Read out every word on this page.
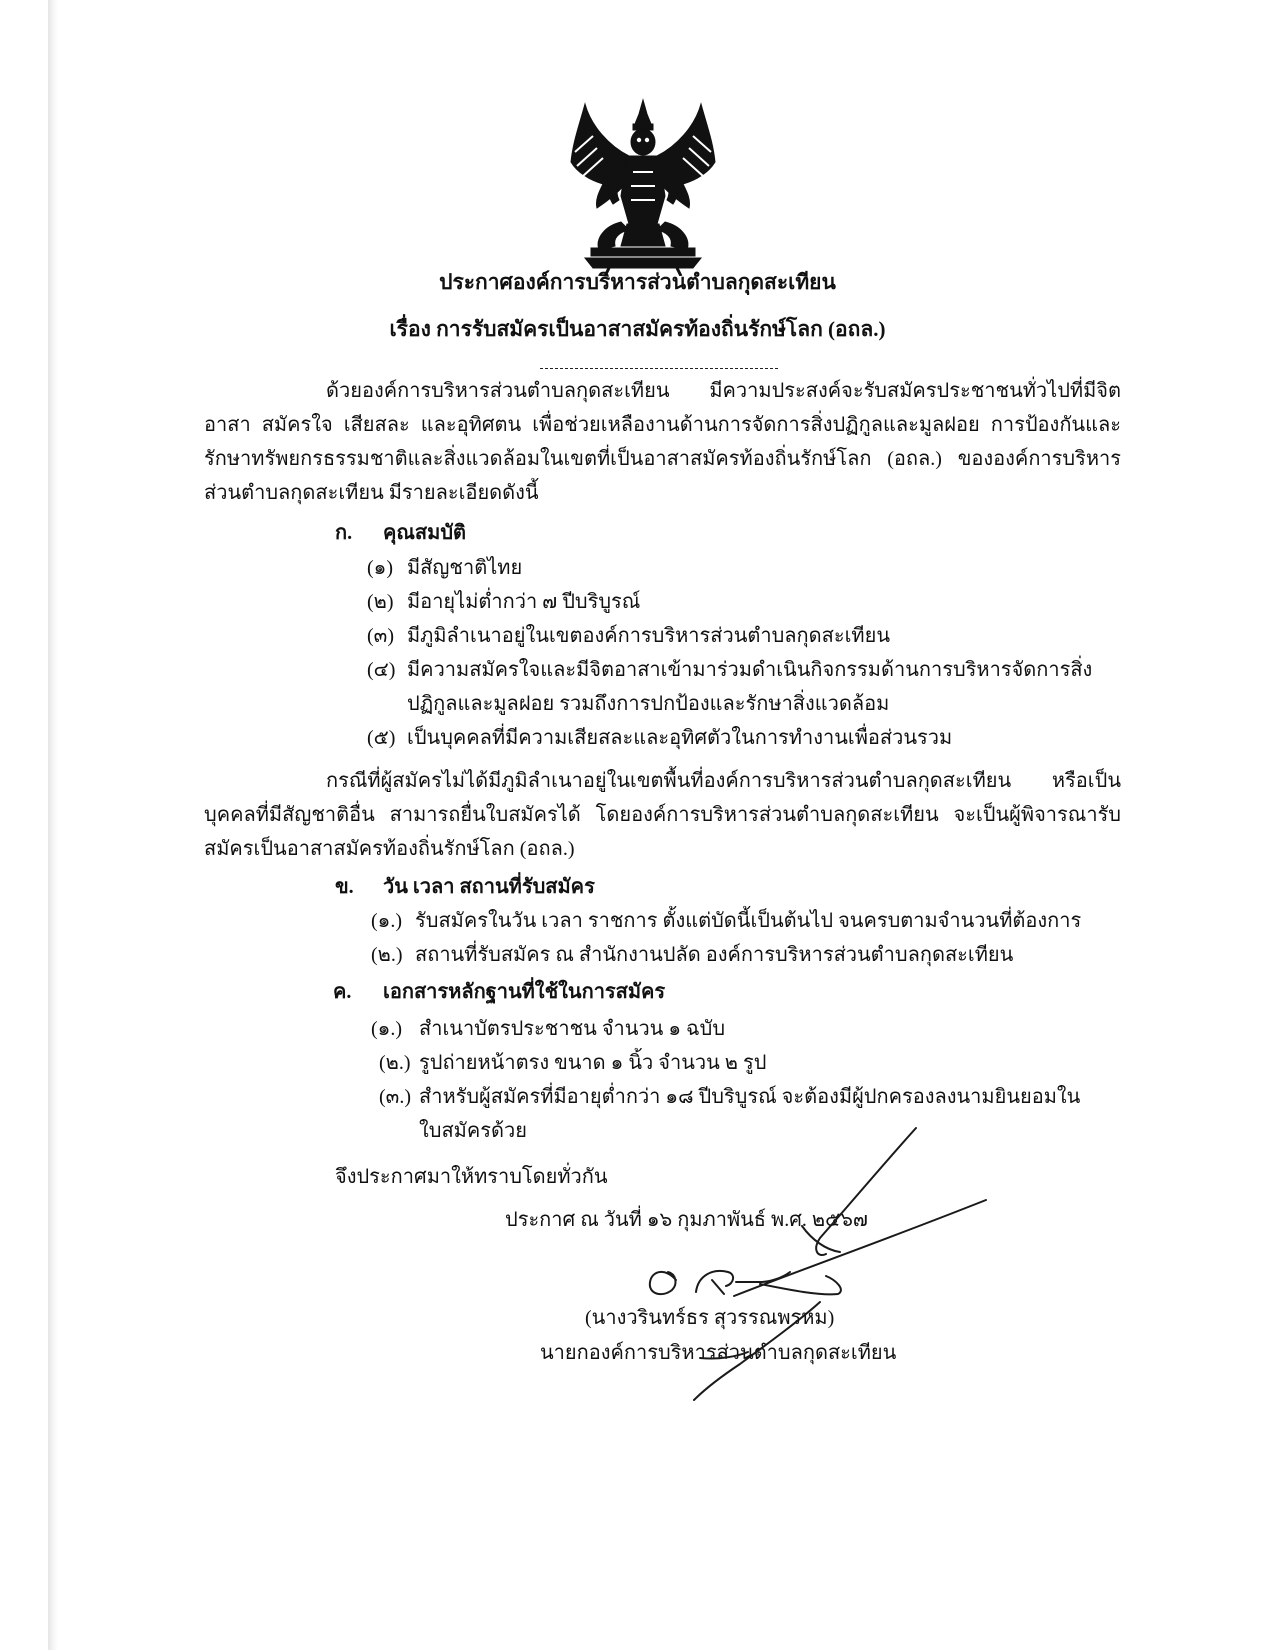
ประกาศองค์การบริหารส่วนตำบลกุดสะเทียน
เรื่อง การรับสมัครเป็นอาสาสมัครท้องถิ่นรักษ์โลก (อถล.)
ด้วยองค์การบริหารส่วนตำบลกุดสะเทียน มีความประสงค์จะรับสมัครประชาชนทั่วไปที่มีจิตอาสา สมัครใจ เสียสละ และอุทิศตน เพื่อช่วยเหลืองานด้านการจัดการสิ่งปฏิกูลและมูลฝอย การป้องกันและรักษาทรัพยกรธรรมชาติและสิ่งแวดล้อมในเขตที่เป็นอาสาสมัครท้องถิ่นรักษ์โลก (อถล.) ขององค์การบริหารส่วนตำบลกุดสะเทียน มีรายละเอียดดังนี้
ก. คุณสมบัติ
(๑) มีสัญชาติไทย
(๒) มีอายุไม่ต่ำกว่า ๗ ปีบริบูรณ์
(๓) มีภูมิลำเนาอยู่ในเขตองค์การบริหารส่วนตำบลกุดสะเทียน
(๔) มีความสมัครใจและมีจิตอาสาเข้ามาร่วมดำเนินกิจกรรมด้านการบริหารจัดการสิ่ง
ปฏิกูลและมูลฝอย รวมถึงการปกป้องและรักษาสิ่งแวดล้อม
(๕) เป็นบุคคลที่มีความเสียสละและอุทิศตัวในการทำงานเพื่อส่วนรวม
กรณีที่ผู้สมัครไม่ได้มีภูมิลำเนาอยู่ในเขตพื้นที่องค์การบริหารส่วนตำบลกุดสะเทียน หรือเป็นบุคคลที่มีสัญชาติอื่น สามารถยื่นใบสมัครได้ โดยองค์การบริหารส่วนตำบลกุดสะเทียน จะเป็นผู้พิจารณารับสมัครเป็นอาสาสมัครท้องถิ่นรักษ์โลก (อถล.)
ข. วัน เวลา สถานที่รับสมัคร
(๑.) รับสมัครในวัน เวลา ราชการ ตั้งแต่บัดนี้เป็นต้นไป จนครบตามจำนวนที่ต้องการ
(๒.) สถานที่รับสมัคร ณ สำนักงานปลัด องค์การบริหารส่วนตำบลกุดสะเทียน
ค. เอกสารหลักฐานที่ใช้ในการสมัคร
(๑.) สำเนาบัตรประชาชน จำนวน ๑ ฉบับ
(๒.) รูปถ่ายหน้าตรง ขนาด ๑ นิ้ว จำนวน ๒ รูป
(๓.) สำหรับผู้สมัครที่มีอายุต่ำกว่า ๑๘ ปีบริบูรณ์ จะต้องมีผู้ปกครองลงนามยินยอมใน
ใบสมัครด้วย
จึงประกาศมาให้ทราบโดยทั่วกัน
ประกาศ ณ วันที่ ๑๖ กุมภาพันธ์ พ.ศ. ๒๕๖๗
(นางวรินทร์ธร สุวรรณพรหม)
นายกองค์การบริหารส่วนตำบลกุดสะเทียน
